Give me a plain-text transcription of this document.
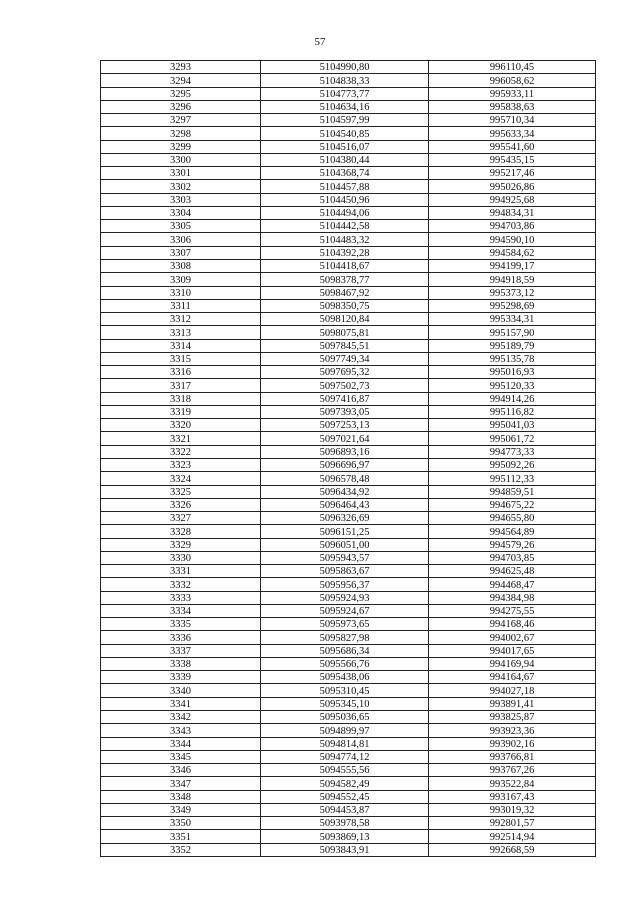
57
3293	5104990,80	996110,45
3294	5104838,33	996058,62
3295	5104773,77	995933,11
3296	5104634,16	995838,63
3297	5104597,99	995710,34
3298	5104540,85	995633,34
3299	5104516,07	995541,60
3300	5104380,44	995435,15
3301	5104368,74	995217,46
3302	5104457,88	995026,86
3303	5104450,96	994925,68
3304	5104494,06	994834,31
3305	5104442,58	994703,86
3306	5104483,32	994590,10
3307	5104392,28	994584,62
3308	5104418,67	994199,17
3309	5098378,77	994918,59
3310	5098467,92	995373,12
3311	5098350,75	995298,69
3312	5098120,84	995334,31
3313	5098075,81	995157,90
3314	5097845,51	995189,79
3315	5097749,34	995135,78
3316	5097695,32	995016,93
3317	5097502,73	995120,33
3318	5097416,87	994914,26
3319	5097393,05	995116,82
3320	5097253,13	995041,03
3321	5097021,64	995061,72
3322	5096893,16	994773,33
3323	5096696,97	995092,26
3324	5096578,48	995112,33
3325	5096434,92	994859,51
3326	5096464,43	994675,22
3327	5096326,69	994655,80
3328	5096151,25	994564,89
3329	5096051,00	994579,26
3330	5095943,57	994703,85
3331	5095863,67	994625,48
3332	5095956,37	994468,47
3333	5095924,93	994384,98
3334	5095924,67	994275,55
3335	5095973,65	994168,46
3336	5095827,98	994002,67
3337	5095686,34	994017,65
3338	5095566,76	994169,94
3339	5095438,06	994164,67
3340	5095310,45	994027,18
3341	5095345,10	993891,41
3342	5095036,65	993825,87
3343	5094899,97	993923,36
3344	5094814,81	993902,16
3345	5094774,12	993766,81
3346	5094555,56	993767,26
3347	5094582,49	993522,84
3348	5094552,45	993167,43
3349	5094453,87	993019,32
3350	5093978,58	992801,57
3351	5093869,13	992514,94
3352	5093843,91	992668,59
